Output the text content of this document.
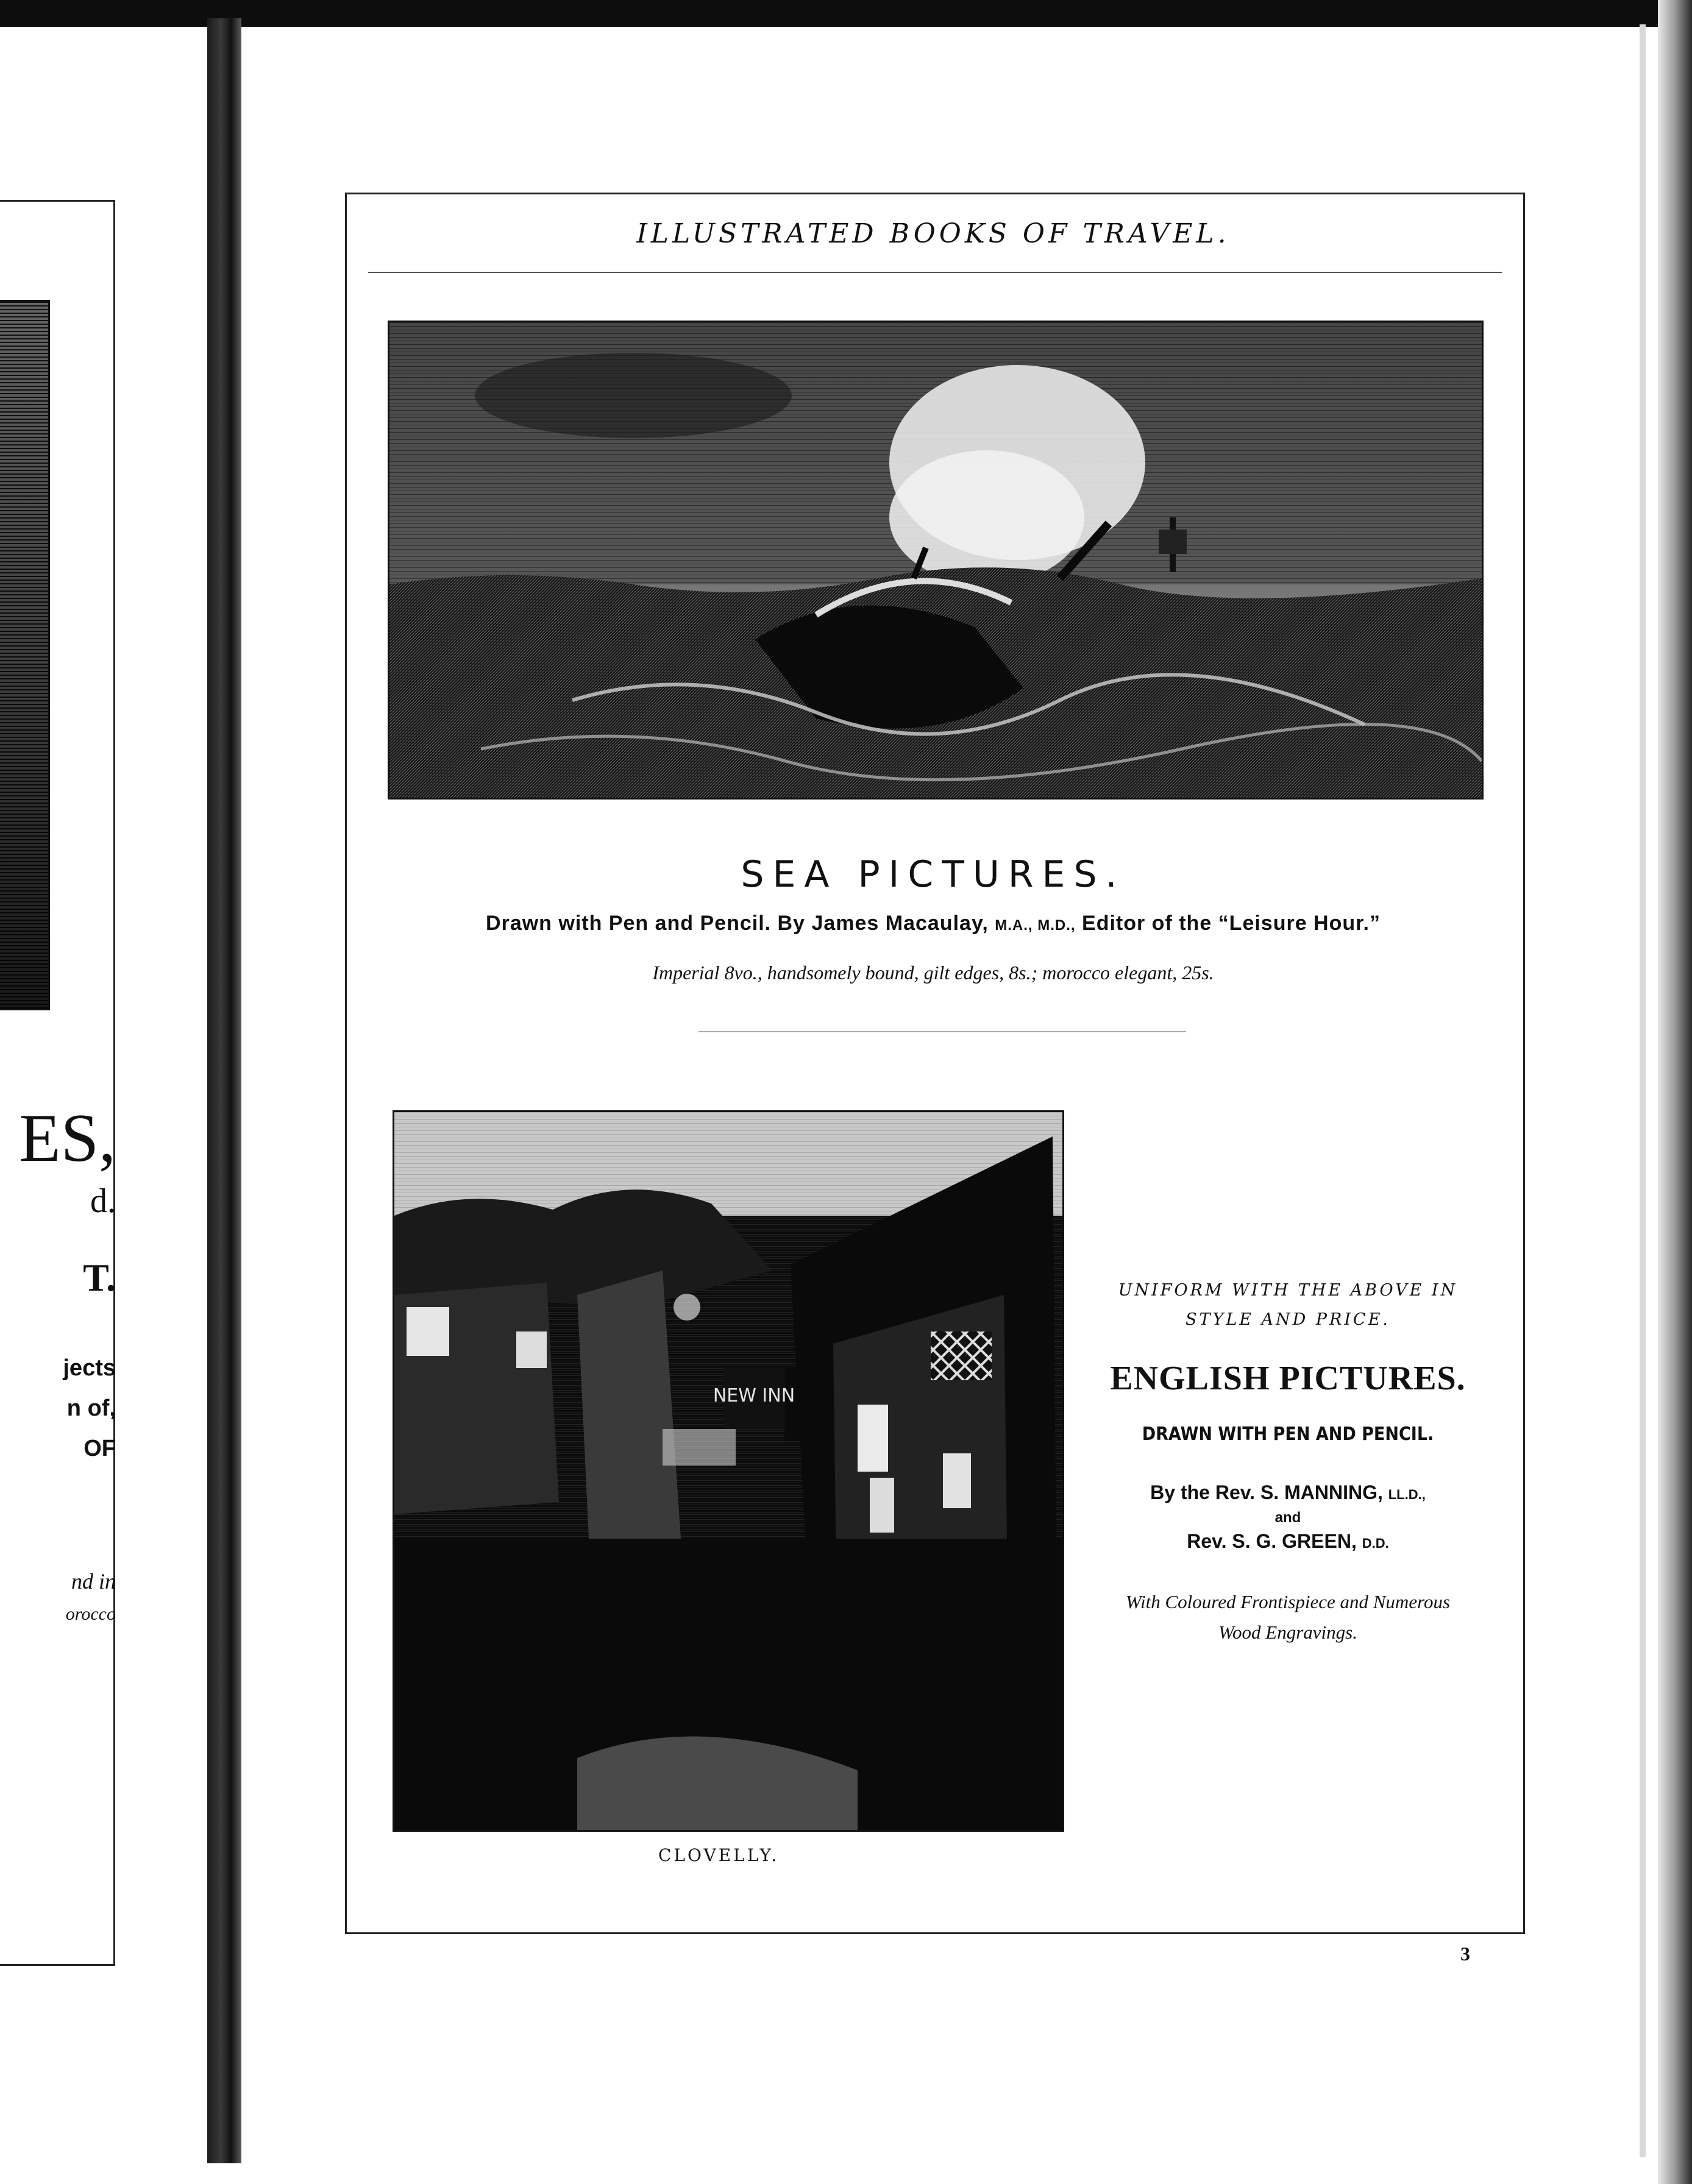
ES,
d.
T.
jects
n of,
OF
nd in
orocco
ILLUSTRATED BOOKS OF TRAVEL.
SEA PICTURES.
Drawn with Pen and Pencil. By James Macaulay, M.A., M.D., Editor of the “Leisure Hour.”
Imperial 8vo., handsomely bound, gilt edges, 8s.; morocco elegant, 25s.
NEW INN
CLOVELLY.
UNIFORM WITH THE ABOVE IN
STYLE AND PRICE.
ENGLISH PICTURES.
DRAWN WITH PEN AND PENCIL.
By the Rev. S. MANNING, LL.D.,
and
Rev. S. G. GREEN, D.D.
With Coloured Frontispiece and Numerous
Wood Engravings.
3
